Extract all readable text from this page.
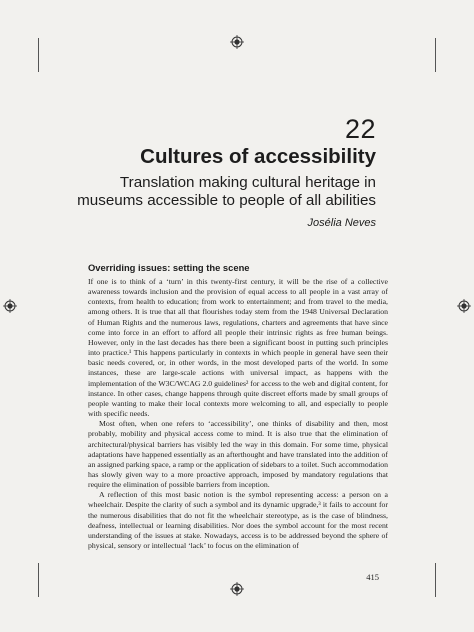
22
Cultures of accessibility
Translation making cultural heritage in museums accessible to people of all abilities
Josélia Neves
Overriding issues: setting the scene

If one is to think of a ‘turn’ in this twenty-first century, it will be the rise of a collective awareness towards inclusion and the provision of equal access to all people in a vast array of contexts, from health to education; from work to entertainment; and from travel to the media, among others. It is true that all that flourishes today stem from the 1948 Universal Declaration of Human Rights and the numerous laws, regulations, charters and agreements that have since come into force in an effort to afford all people their intrinsic rights as free human beings. However, only in the last decades has there been a significant boost in putting such principles into practice.¹ This happens particularly in contexts in which people in general have seen their basic needs covered, or, in other words, in the most developed parts of the world. In some instances, these are large-scale actions with universal impact, as happens with the implementation of the W3C/WCAG 2.0 guidelines² for access to the web and digital content, for instance. In other cases, change happens through quite discreet efforts made by small groups of people wanting to make their local contexts more welcoming to all, and especially to people with specific needs.

Most often, when one refers to ‘accessibility’, one thinks of disability and then, most probably, mobility and physical access come to mind. It is also true that the elimination of architectural/physical barriers has visibly led the way in this domain. For some time, physical adaptations have happened essentially as an afterthought and have translated into the addition of an assigned parking space, a ramp or the application of sidebars to a toilet. Such accommodation has slowly given way to a more proactive approach, imposed by mandatory regulations that require the elimination of possible barriers from inception.

A reflection of this most basic notion is the symbol representing access: a person on a wheelchair. Despite the clarity of such a symbol and its dynamic upgrade,³ it fails to account for the numerous disabilities that do not fit the wheelchair stereotype, as is the case of blindness, deafness, intellectual or learning disabilities. Nor does the symbol account for the most recent understanding of the issues at stake. Nowadays, access is to be addressed beyond the sphere of physical, sensory or intellectual ‘lack’ to focus on the elimination of

415
